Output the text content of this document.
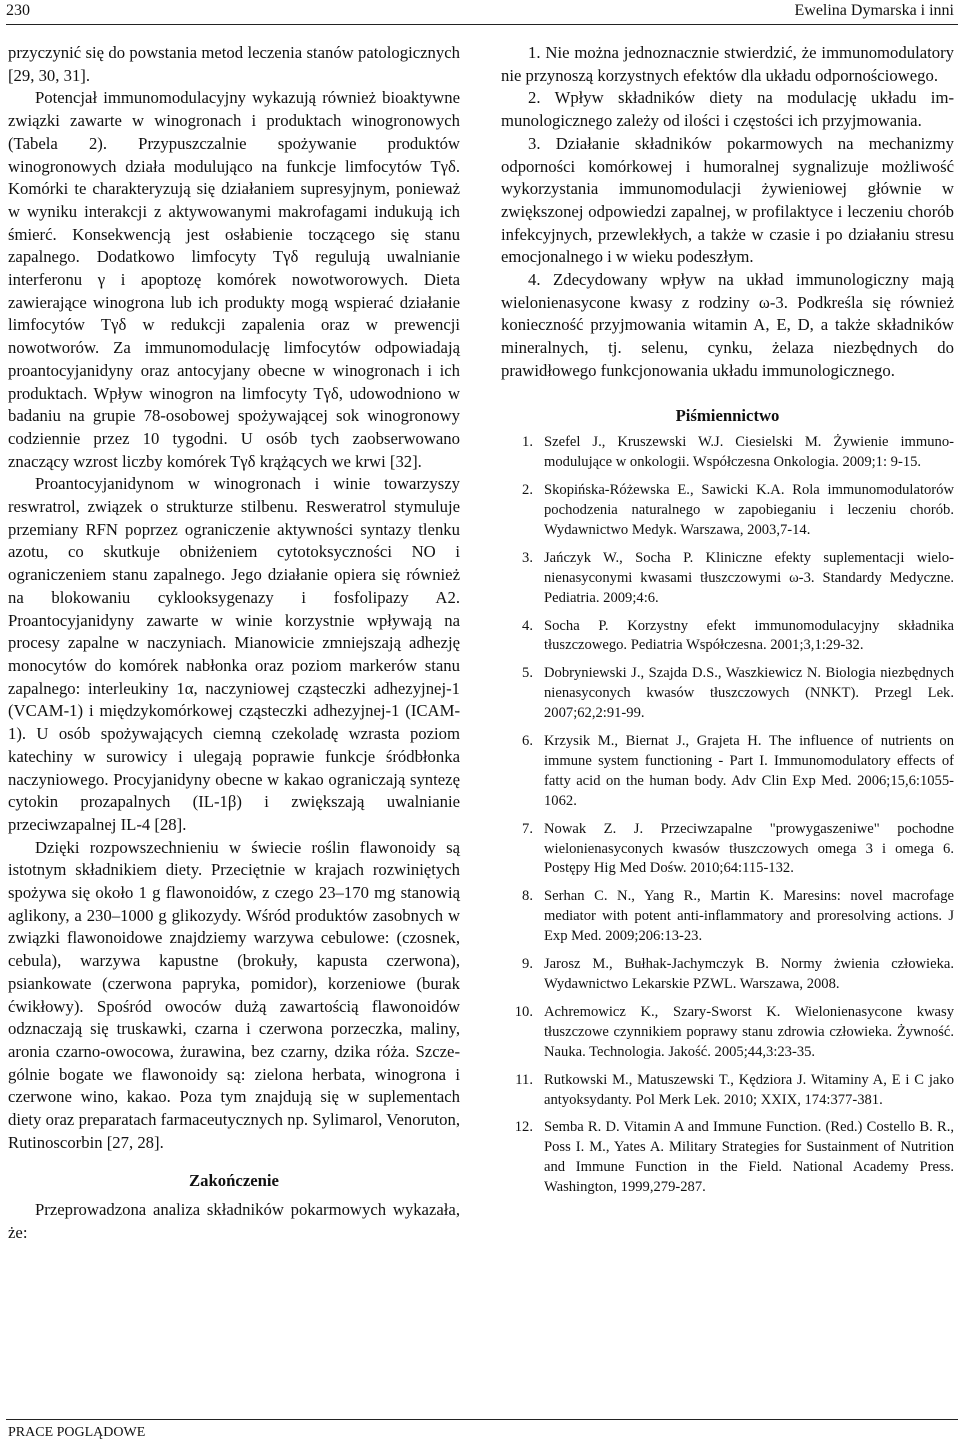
230	Ewelina Dymarska i inni

przyczynić się do powstania metod leczenia stanów patologicznych [29, 30, 31].

Potencjał immunomodulacyjny wykazują również bioaktywne związki zawarte w winogronach i produktach winogronowych (Tabela 2). Przypuszczalnie spożywanie produktów winogronowych działa modulująco na funkcje limfocytów Tγδ. Komórki te charakteryzują się działaniem supresyjnym, ponieważ w wyniku interakcji z aktywowanymi makrofagami indukują ich śmierć. Konsekwencją jest osłabienie toczącego się stanu zapalnego. Dodatkowo limfocyty Tγδ regulują uwalnianie interferonu γ i apoptozę komórek nowotworowych. Dieta zawierające winogrona lub ich produkty mogą wspierać działanie limfocytów Tγδ w redukcji zapalenia oraz w prewencji nowotworów. Za immunomodulację limfocytów odpowiadają proantocyjanidyny oraz antocyjany obecne w winogronach i ich produktach. Wpływ winogron na limfocyty Tγδ, udowodniono w badaniu na grupie 78-osobowej spożywającej sok winogronowy codziennie przez 10 tygodni. U osób tych zaobserwowano znaczący wzrost liczby komórek Tγδ krążących we krwi [32].

Proantocyjanidynom w winogronach i winie towarzyszy reswratrol, związek o strukturze stilbenu. Resweratrol stymuluje przemiany RFN poprzez ograniczenie aktywności syntazy tlenku azotu, co skutkuje obniżeniem cytotoksyczności NO i ograniczeniem stanu zapalnego. Jego działanie opiera się również na blokowaniu cyklooksygenazy i fosfolipazy A2. Proantocyjanidyny zawarte w winie korzystnie wpływają na procesy zapalne w naczyniach. Mianowicie zmniejszają adhezję monocytów do komórek nabłonka oraz poziom markerów stanu zapalnego: interleukiny 1α, naczyniowej cząsteczki adhezyjnej-1 (VCAM-1) i międzykomórkowej cząsteczki adhezyjnej-1 (ICAM-1). U osób spożywających ciemną czekoladę wzrasta poziom katechiny w surowicy i ulegają poprawie funkcje śródbłonka naczyniowego. Procyjanidyny obecne w kakao ograniczają syntezę cytokin prozapalnych (IL-1β) i zwiększają uwalnianie przeciwzapalnej IL-4 [28].

Dzięki rozpowszechnieniu w świecie roślin flawonoidy są istotnym składnikiem diety. Przeciętnie w krajach rozwiniętych spożywa się około 1 g flawonoidów, z czego 23–170 mg stanowią aglikony, a 230–1000 g glikozydy. Wśród produktów zasobnych w związki flawonoidowe znajdziemy warzywa cebulowe: (czosnek, cebula), warzywa kapustne (brokuły, kapusta czerwona), psiankowate (czerwona papryka, pomidor), korzeniowe (burak ćwikłowy). Spośród owoców dużą zawartością flawonoidów odznaczają się truskawki, czarna i czerwona porzeczka, maliny, aronia czarno-owocowa, żurawina, bez czarny, dzika róża. Szczególnie bogate we flawonoidy są: zielona herbata, winogrona i czerwone wino, kakao. Poza tym znajdują się w suplementach diety oraz preparatach farmaceutycznych np. Sylimarol, Venoruton, Rutinoscorbin [27, 28].

Zakończenie

Przeprowadzona analiza składników pokarmowych wykazała, że:

1. Nie można jednoznacznie stwierdzić, że immunomodulatory nie przynoszą korzystnych efektów dla układu odpornościowego.
2. Wpływ składników diety na modulację układu immunologicznego zależy od ilości i częstości ich przyjmowania.
3. Działanie składników pokarmowych na mechanizmy odporności komórkowej i humoralnej sygnalizuje możliwość wykorzystania immunomodulacji żywieniowej głównie w zwiększonej odpowiedzi zapalnej, w profilaktyce i leczeniu chorób infekcyjnych, przewlekłych, a także w czasie i po działaniu stresu emocjonalnego i w wieku podeszłym.
4. Zdecydowany wpływ na układ immunologiczny mają wielonienasycone kwasy z rodziny ω-3. Podkreśla się również konieczność przyjmowania witamin A, E, D, a także składników mineralnych, tj. selenu, cynku, żelaza niezbędnych do prawidłowego funkcjonowania układu immunologicznego.
Piśmiennictwo
1. Szefel J., Kruszewski W.J. Ciesielski M. Żywienie immunomodulujące w onkologii. Współczesna Onkologia. 2009;1: 9-15.
2. Skopińska-Różewska E., Sawicki K.A. Rola immunomodulatorów pochodzenia naturalnego w zapobieganiu i leczeniu chorób. Wydawnictwo Medyk. Warszawa, 2003,7-14.
3. Jańczyk W., Socha P. Kliniczne efekty suplementacji wielonienasyconymi kwasami tłuszczowymi ω-3. Standardy Medyczne. Pediatria. 2009;4:6.
4. Socha P. Korzystny efekt immunomodulacyjny składnika tłuszczowego. Pediatria Współczesna. 2001;3,1:29-32.
5. Dobryniewski J., Szajda D.S., Waszkiewicz N. Biologia niezbędnych nienasyconych kwasów tłuszczowych (NNKT). Przegl Lek. 2007;62,2:91-99.
6. Krzysik M., Biernat J., Grajeta H. The influence of nutrients on immune system functioning - Part I. Immunomodulatory effects of fatty acid on the human body. Adv Clin Exp Med. 2006;15,6:1055-1062.
7. Nowak Z. J. Przeciwzapalne "prowygaszeniwe" pochodne wielonienasyconych kwasów tłuszczowych omega 3 i omega 6. Postępy Hig Med Dośw. 2010;64:115-132.
8. Serhan C. N., Yang R., Martin K. Maresins: novel macrofage mediator with potent anti-inflammatory and proresolving actions. J Exp Med. 2009;206:13-23.
9. Jarosz M., Bułhak-Jachymczyk B. Normy żwienia człowieka. Wydawnictwo Lekarskie PZWL. Warszawa, 2008.
10. Achremowicz K., Szary-Sworst K. Wielonienasycone kwasy tłuszczowe czynnikiem poprawy stanu zdrowia człowieka. Żywność. Nauka. Technologia. Jakość. 2005;44,3:23-35.
11. Rutkowski M., Matuszewski T., Kędziora J. Witaminy A, E i C jako antyoksydanty. Pol Merk Lek. 2010; XXIX, 174:377-381.
12. Semba R. D. Vitamin A and Immune Function. (Red.) Costello B. R., Poss I. M., Yates A. Military Strategies for Sustainment of Nutrition and Immune Function in the Field. National Academy Press. Washington, 1999,279-287.
PRACE POGLĄDOWE
